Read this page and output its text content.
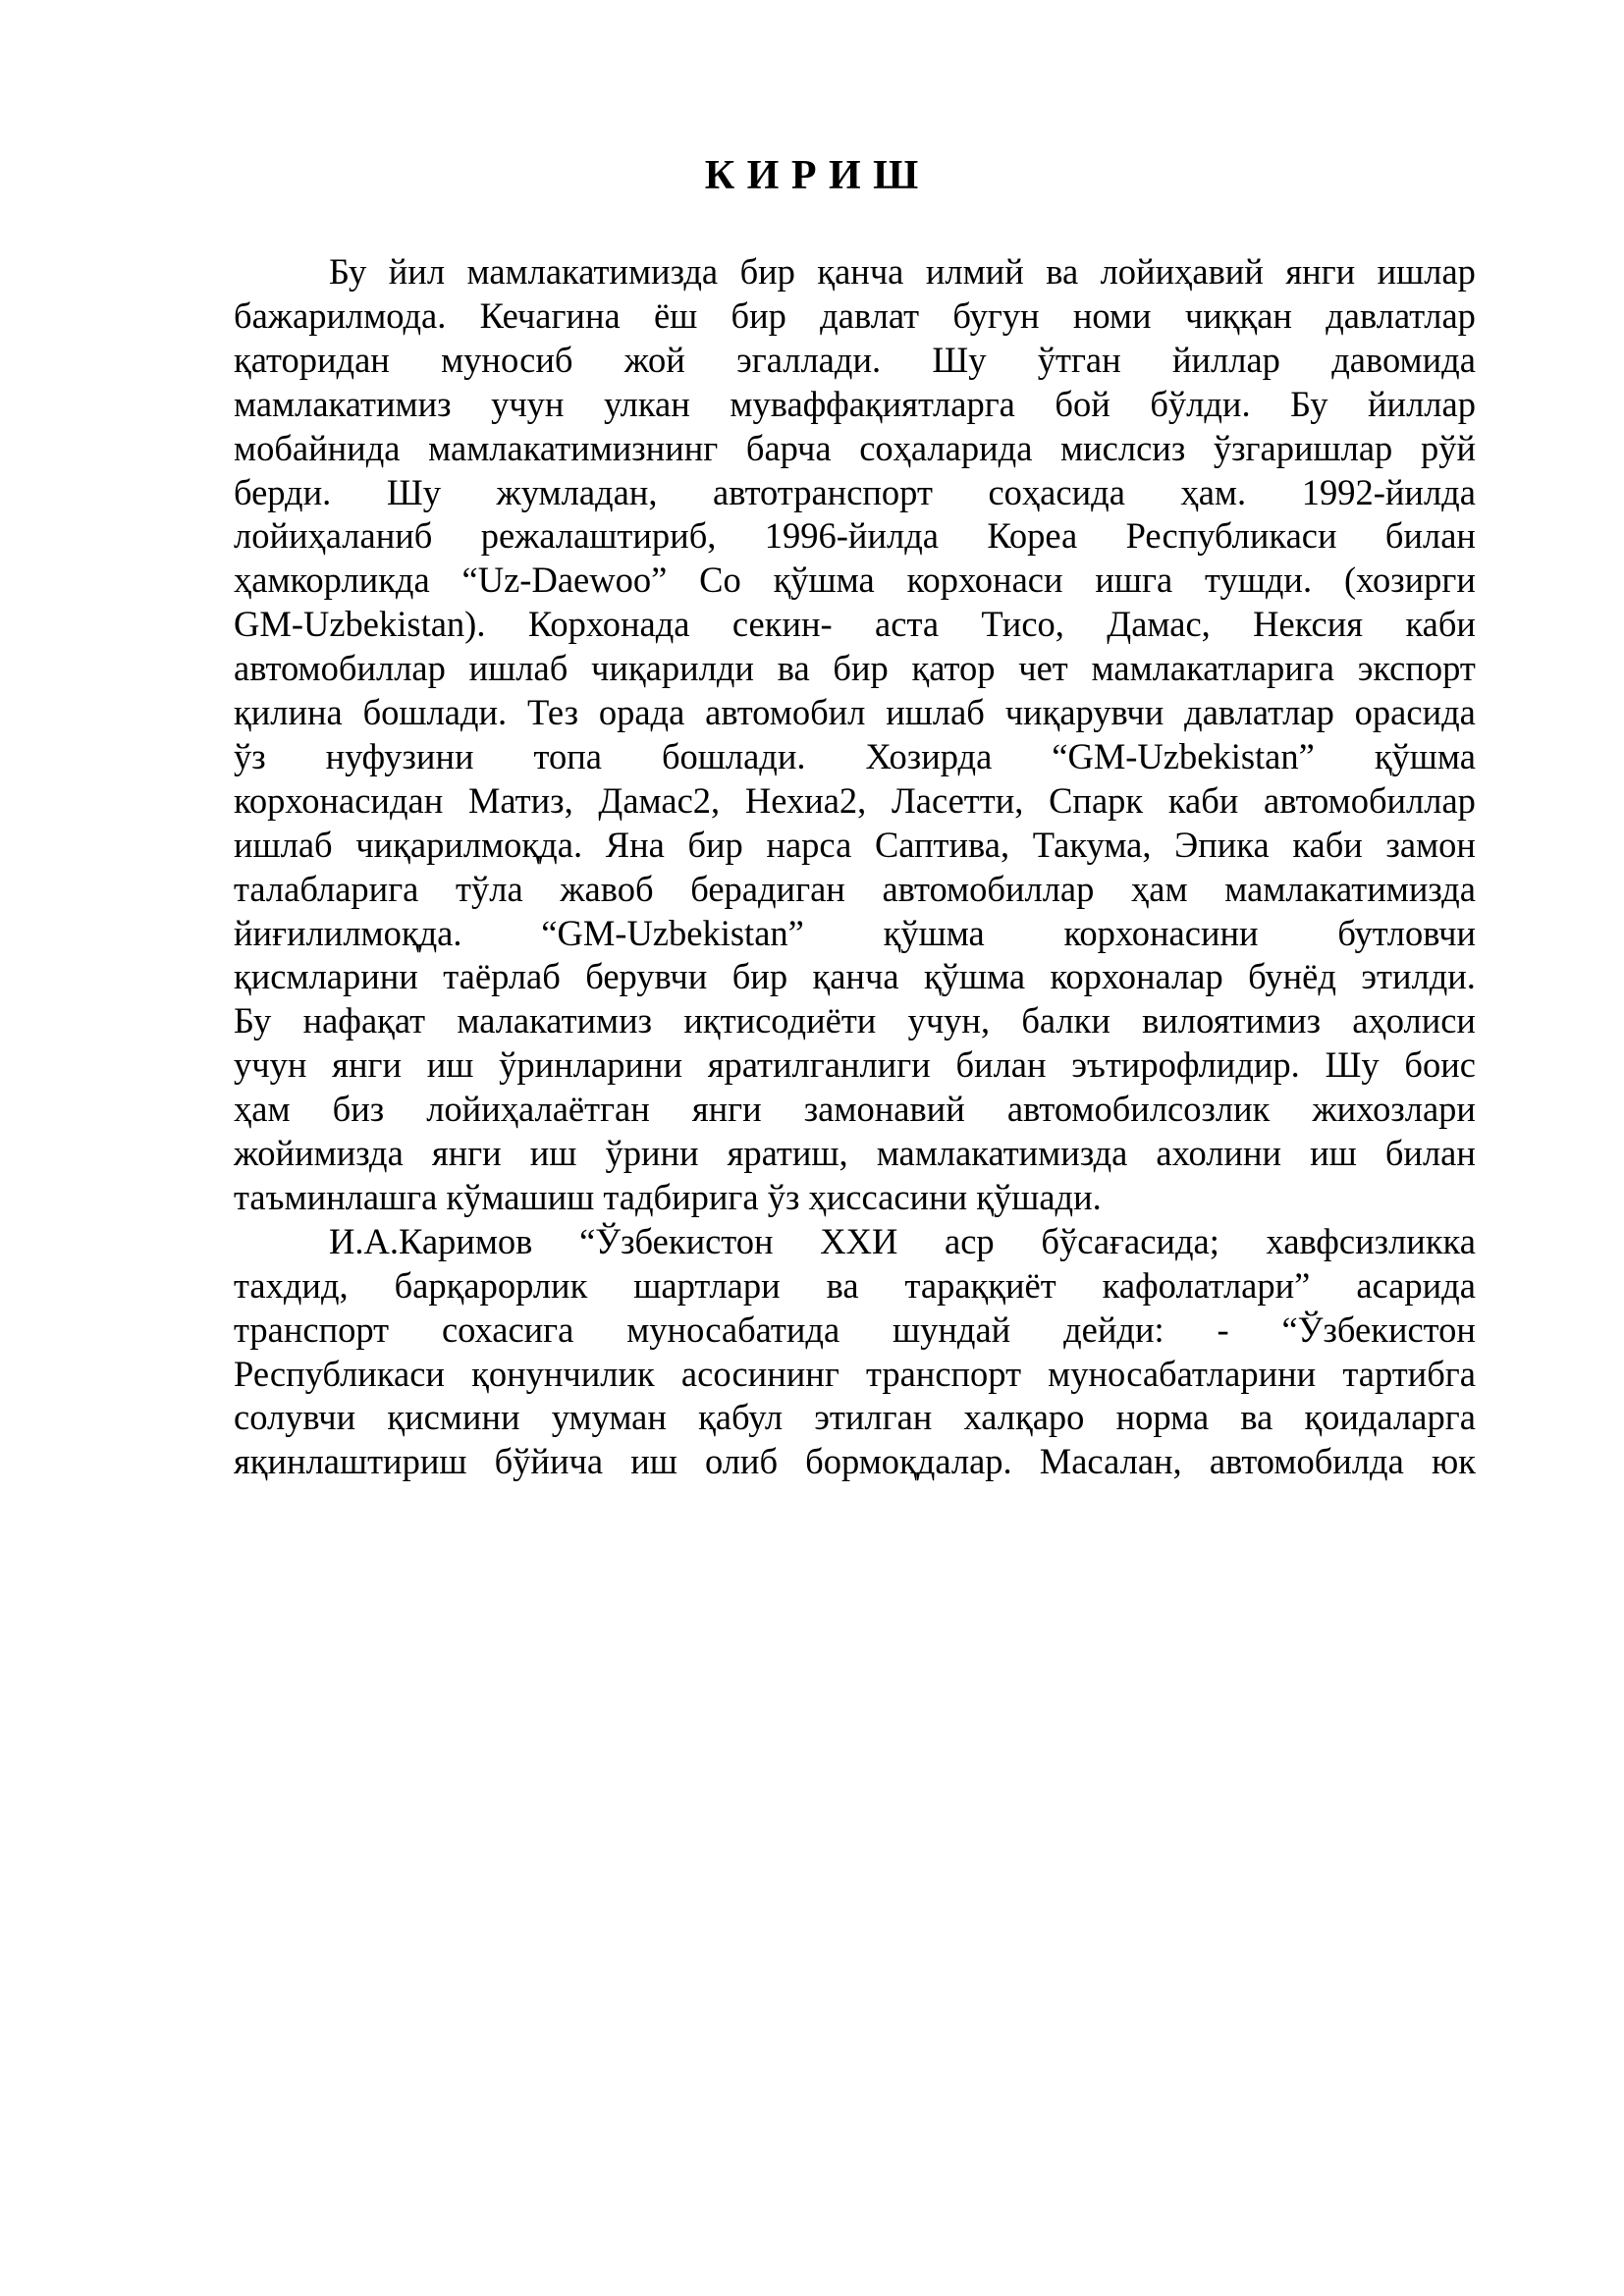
К И Р И Ш
Бу йил мамлакатимизда бир қанча илмий ва лойиҳавий янги ишлар
бажарилмода. Кечагина ёш бир давлат бугун номи чиққан давлатлар
қаторидан муносиб жой эгаллади. Шу ўтган йиллар давомида
мамлакатимиз учун улкан муваффақиятларга бой бўлди. Бу йиллар
мобайнида мамлакатимизнинг барча соҳаларида мислсиз ўзгаришлар рўй
берди. Шу жумладан, автотранспорт соҳасида ҳам. 1992-йилда
лойиҳаланиб режалаштириб, 1996-йилда Кореа Республикаси билан
ҳамкорликда “Uz-Daewoo” Co қўшма корхонаси ишга тушди. (хозирги
GM-Uzbekistan). Корхонада секин- аста Тисо, Дамас, Нексия каби
автомобиллар ишлаб чиқарилди ва бир қатор чет мамлакатларига экспорт
қилина бошлади. Тез орада автомобил ишлаб чиқарувчи давлатлар орасида
ўз нуфузини топа бошлади. Хозирда “GM-Uzbekistan” қўшма
корхонасидан Матиз, Дамас2, Нехиа2, Ласетти, Спарк каби автомобиллар
ишлаб чиқарилмоқда. Яна бир нарса Саптива, Такума, Эпика каби замон
талабларига тўла жавоб берадиган автомобиллар ҳам мамлакатимизда
йиғилилмоқда. “GM-Uzbekistan” қўшма корхонасини бутловчи
қисмларини таёрлаб берувчи бир қанча қўшма корхоналар бунёд этилди.
Бу нафақат малакатимиз иқтисодиёти учун, балки вилоятимиз аҳолиси
учун янги иш ўринларини яратилганлиги билан эътирофлидир. Шу боис
ҳам биз лойиҳалаётган янги замонавий автомобилсозлик жихозлари
жойимизда янги иш ўрини яратиш, мамлакатимизда ахолини иш билан
таъминлашга кўмашиш тадбирига ўз ҳиссасини қўшади.
И.А.Каримов “Ўзбекистон XXИ аср бўсағасида; хавфсизликка
тахдид, барқарорлик шартлари ва тараққиёт кафолатлари” асарида
транспорт сохасига муносабатида шундай дейди: - “Ўзбекистон
Республикаси қонунчилик асосининг транспорт муносабатларини тартибга
солувчи қисмини умуман қабул этилган халқаро норма ва қоидаларга
яқинлаштириш бўйича иш олиб бормоқдалар. Масалан, автомобилда юк
